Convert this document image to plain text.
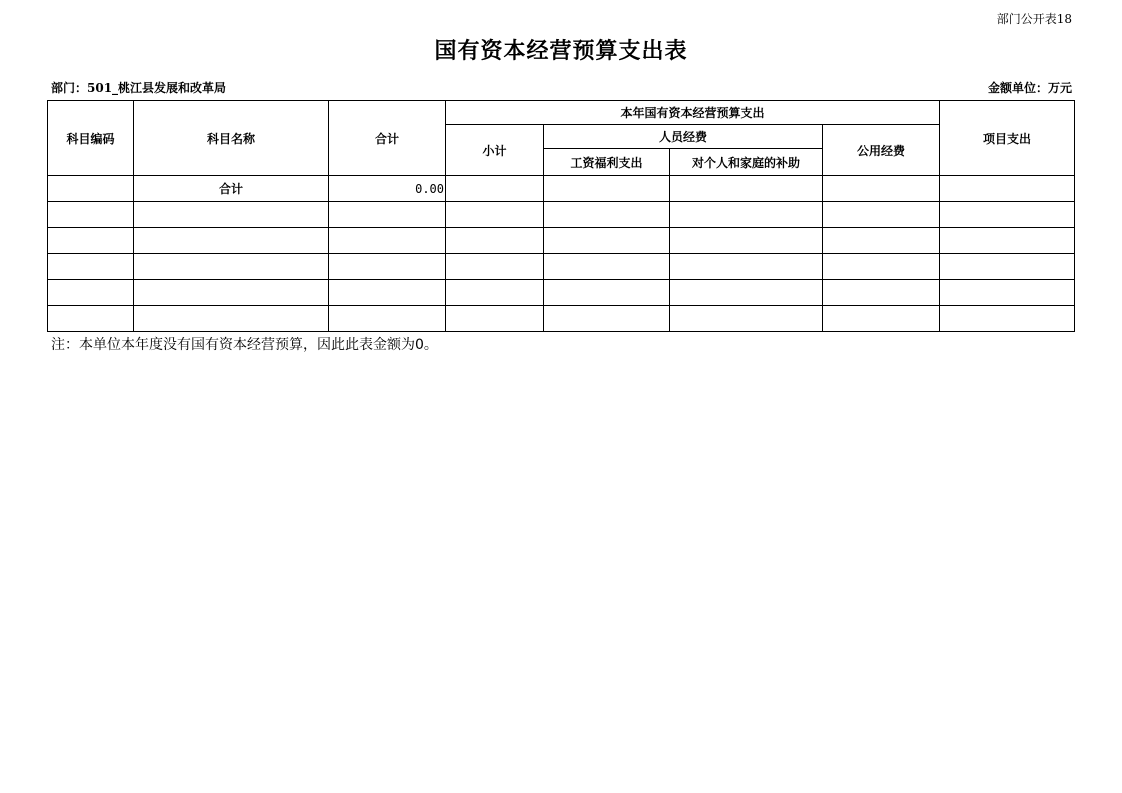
部门公开表18
国有资本经营预算支出表
部门：501_桃江县发展和改革局	金额单位：万元
科目编码	科目名称	合计	本年国有资本经营预算支出				项目支出
			小计	人员经费		公用经费	
				工资福利支出	对个人和家庭的补助		
	合计	0.00					

注：本单位本年度没有国有资本经营预算，因此此表金额为0。
